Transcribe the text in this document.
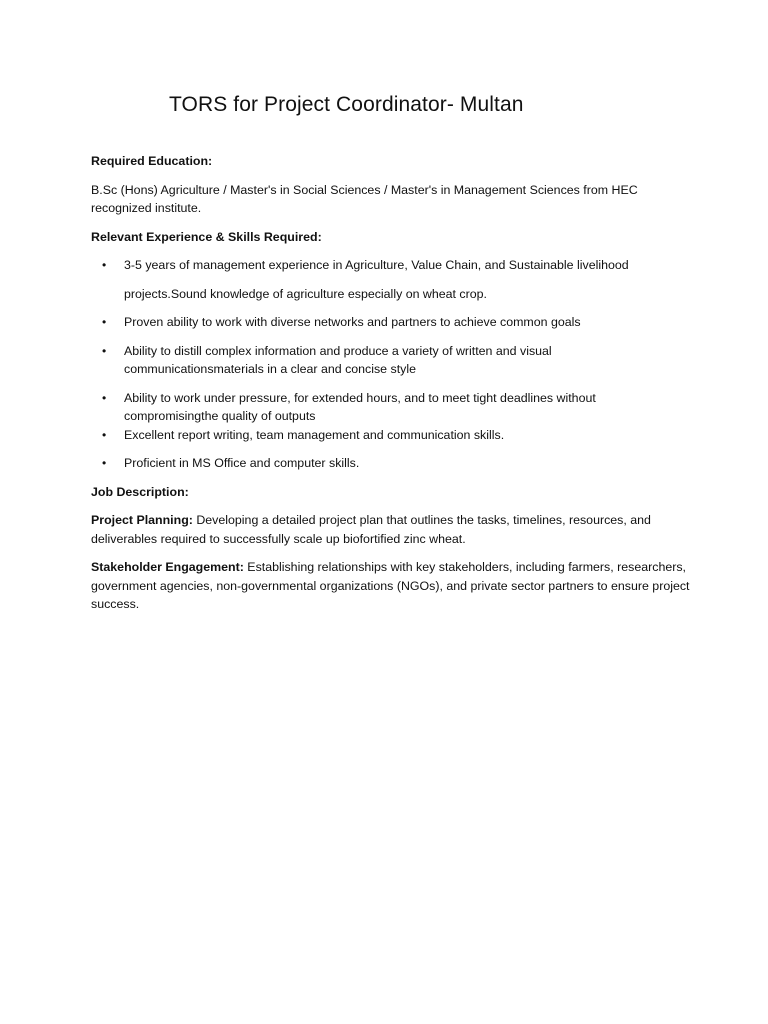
TORS for Project Coordinator- Multan

Required Education:

B.Sc (Hons) Agriculture / Master's in Social Sciences / Master's in Management Sciences from HEC recognized institute.

Relevant Experience & Skills Required:

• 3-5 years of management experience in Agriculture, Value Chain, and Sustainable livelihood projects.Sound knowledge of agriculture especially on wheat crop.
• Proven ability to work with diverse networks and partners to achieve common goals
• Ability to distill complex information and produce a variety of written and visual communicationsmaterials in a clear and concise style
• Ability to work under pressure, for extended hours, and to meet tight deadlines without compromisingthe quality of outputs
• Excellent report writing, team management and communication skills.
• Proficient in MS Office and computer skills.

Job Description:

Project Planning: Developing a detailed project plan that outlines the tasks, timelines, resources, and deliverables required to successfully scale up biofortified zinc wheat.

Stakeholder Engagement: Establishing relationships with key stakeholders, including farmers, researchers, government agencies, non-governmental organizations (NGOs), and private sector partners to ensure project success.
